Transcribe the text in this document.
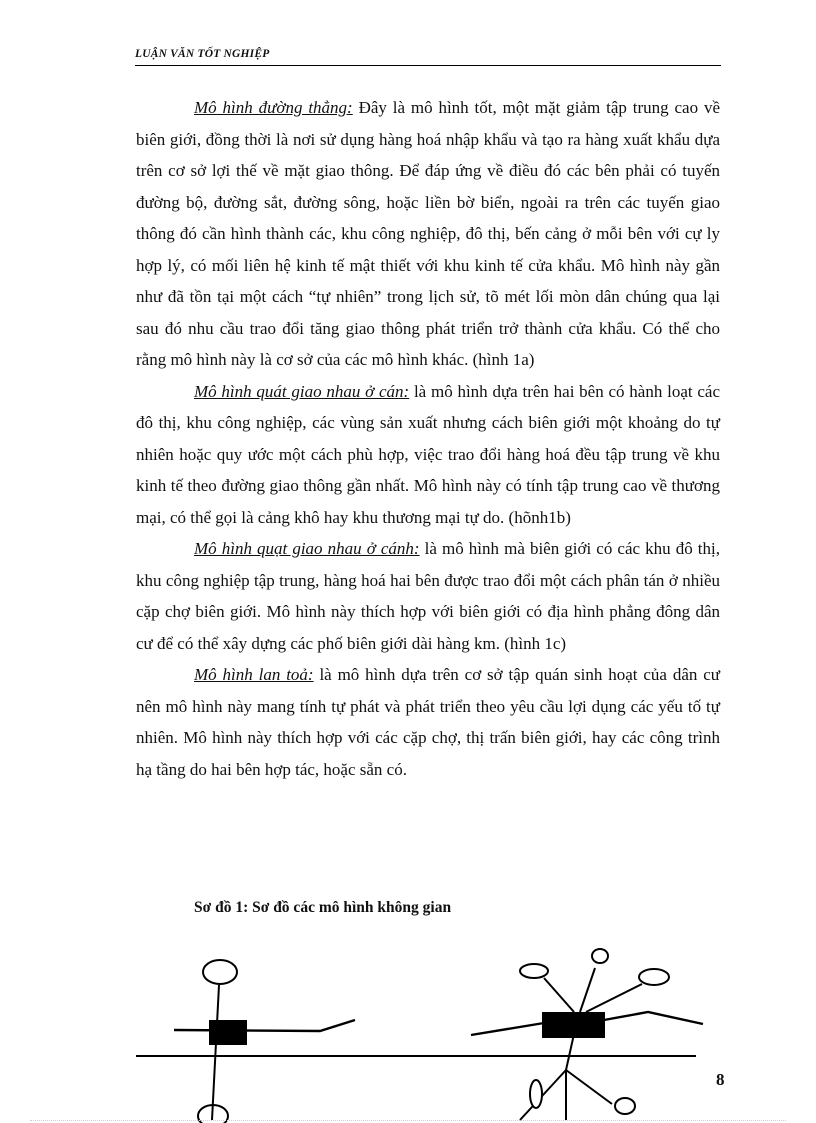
LUẬN VĂN TỐT NGHIỆP

Mô hình đường thẳng: Đây là mô hình tốt, một mặt giảm tập trung cao về biên giới, đồng thời là nơi sử dụng hàng hoá nhập khẩu và tạo ra hàng xuất khẩu dựa trên cơ sở lợi thế về mặt giao thông. Để đáp ứng về điều đó các bên phải có tuyến đường bộ, đường sắt, đường sông, hoặc liền bờ biển, ngoài ra trên các tuyến giao thông đó cần hình thành các, khu công nghiệp, đô thị, bến cảng ở mỗi bên với cự ly hợp lý, có mối liên hệ kinh tế mật thiết với khu kinh tế cửa khẩu. Mô hình này gần như đã tồn tại một cách “tự nhiên” trong lịch sử, tõ mét lối mòn dân chúng qua lại sau đó nhu cầu trao đổi tăng giao thông phát triển trở thành cửa khẩu. Có thể cho rằng mô hình này là cơ sở của các mô hình khác. (hình 1a)

Mô hình quát giao nhau ở cán: là mô hình dựa trên hai bên có hành loạt các đô thị, khu công nghiệp, các vùng sản xuất nhưng cách biên giới một khoảng do tự nhiên hoặc quy ước một cách phù hợp, việc trao đổi hàng hoá đều tập trung về khu kinh tế theo đường giao thông gần nhất. Mô hình này có tính tập trung cao về thương mại, có thể gọi là cảng khô hay khu thương mại tự do. (hõnh1b)

Mô hình quạt giao nhau ở cánh: là mô hình mà biên giới có các khu đô thị, khu công nghiệp tập trung, hàng hoá hai bên được trao đổi một cách phân tán ở nhiều cặp chợ biên giới. Mô hình này thích hợp với biên giới có địa hình phẳng đông dân cư để có thể xây dựng các phố biên giới dài hàng km. (hình 1c)

Mô hình lan toả: là mô hình dựa trên cơ sở tập quán sinh hoạt của dân cư nên mô hình này mang tính tự phát và phát triển theo yêu cầu lợi dụng các yếu tố tự nhiên. Mô hình này thích hợp với các cặp chợ, thị trấn biên giới, hay các công trình hạ tầng do hai bên hợp tác, hoặc sẵn có.

Sơ đồ 1: Sơ đồ các mô hình không gian
8
